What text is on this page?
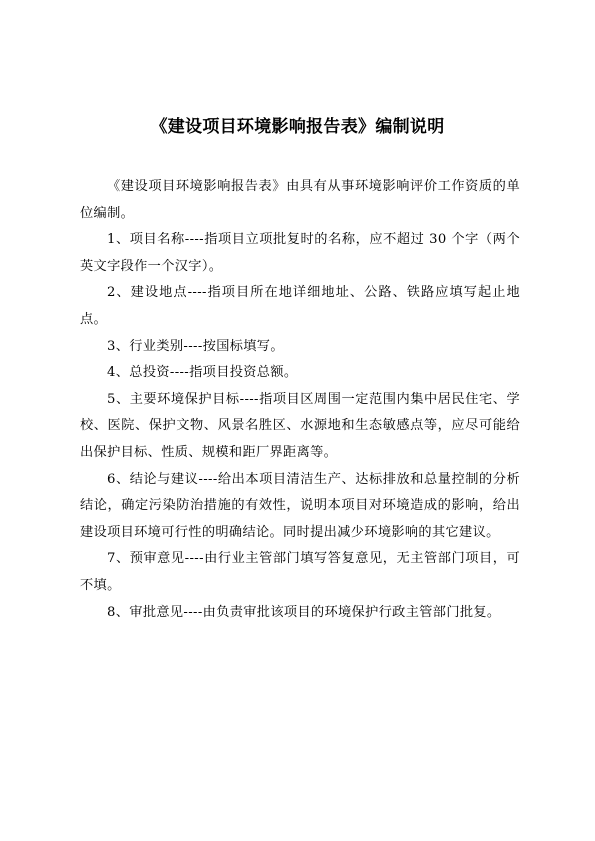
《建设项目环境影响报告表》编制说明

《建设项目环境影响报告表》由具有从事环境影响评价工作资质的单位编制。

1、项目名称----指项目立项批复时的名称，应不超过 30 个字（两个英文字段作一个汉字）。

2、建设地点----指项目所在地详细地址、公路、铁路应填写起止地点。

3、行业类别----按国标填写。

4、总投资----指项目投资总额。

5、主要环境保护目标----指项目区周围一定范围内集中居民住宅、学校、医院、保护文物、风景名胜区、水源地和生态敏感点等，应尽可能给出保护目标、性质、规模和距厂界距离等。

6、结论与建议----给出本项目清洁生产、达标排放和总量控制的分析结论，确定污染防治措施的有效性，说明本项目对环境造成的影响，给出建设项目环境可行性的明确结论。同时提出减少环境影响的其它建议。

7、预审意见----由行业主管部门填写答复意见，无主管部门项目，可不填。

8、审批意见----由负责审批该项目的环境保护行政主管部门批复。
